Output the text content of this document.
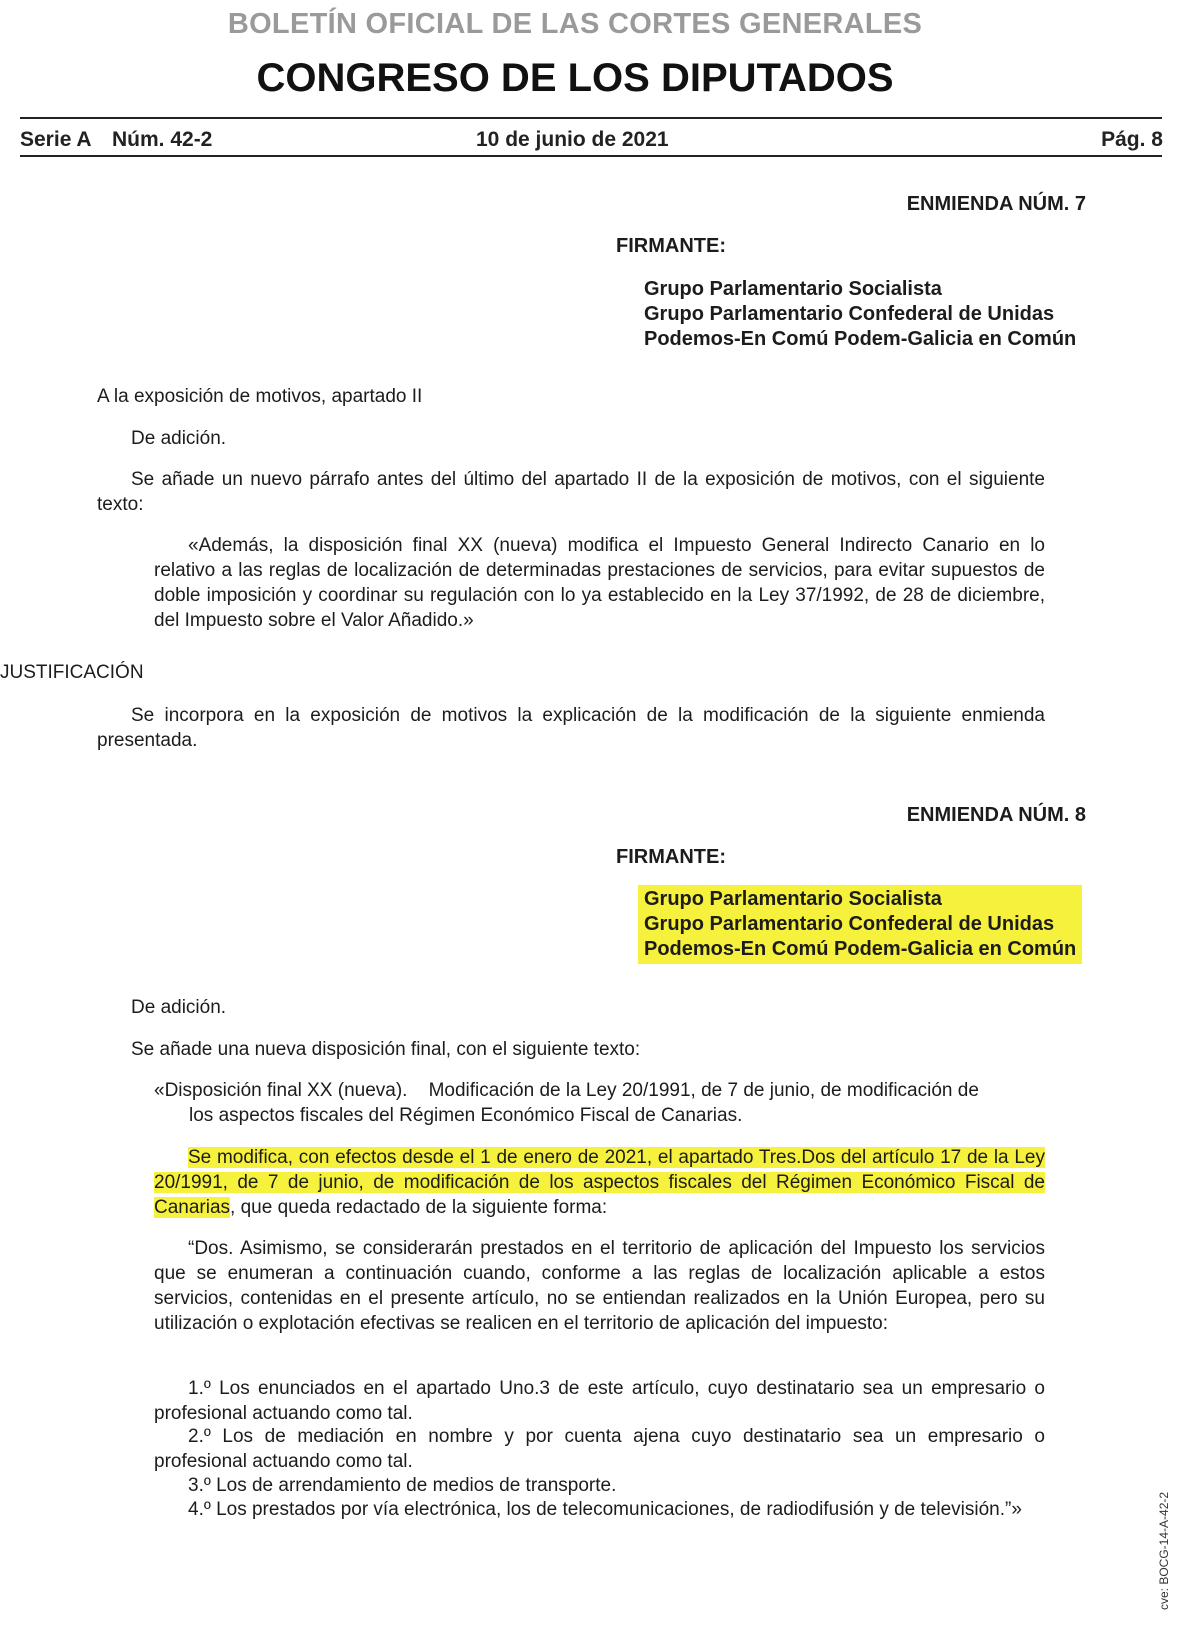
BOLETÍN OFICIAL DE LAS CORTES GENERALES
CONGRESO DE LOS DIPUTADOS
Serie A Núm. 42-2	10 de junio de 2021	Pág. 8
ENMIENDA NÚM. 7
FIRMANTE:
Grupo Parlamentario Socialista
Grupo Parlamentario Confederal de Unidas
Podemos-En Comú Podem-Galicia en Común
A la exposición de motivos, apartado II
De adición.
Se añade un nuevo párrafo antes del último del apartado II de la exposición de motivos, con el siguiente texto:
«Además, la disposición final XX (nueva) modifica el Impuesto General Indirecto Canario en lo relativo a las reglas de localización de determinadas prestaciones de servicios, para evitar supuestos de doble imposición y coordinar su regulación con lo ya establecido en la Ley 37/1992, de 28 de diciembre, del Impuesto sobre el Valor Añadido.»
JUSTIFICACIÓN
Se incorpora en la exposición de motivos la explicación de la modificación de la siguiente enmienda presentada.
ENMIENDA NÚM. 8
FIRMANTE:
Grupo Parlamentario Socialista
Grupo Parlamentario Confederal de Unidas
Podemos-En Comú Podem-Galicia en Común
De adición.
Se añade una nueva disposición final, con el siguiente texto:
«Disposición final XX (nueva).    Modificación de la Ley 20/1991, de 7 de junio, de modificación de
los aspectos fiscales del Régimen Económico Fiscal de Canarias.
Se modifica, con efectos desde el 1 de enero de 2021, el apartado Tres.Dos del artículo 17 de la Ley 20/1991, de 7 de junio, de modificación de los aspectos fiscales del Régimen Económico Fiscal de Canarias, que queda redactado de la siguiente forma:
“Dos. Asimismo, se considerarán prestados en el territorio de aplicación del Impuesto los servicios que se enumeran a continuación cuando, conforme a las reglas de localización aplicable a estos servicios, contenidas en el presente artículo, no se entiendan realizados en la Unión Europea, pero su utilización o explotación efectivas se realicen en el territorio de aplicación del impuesto:
1.º Los enunciados en el apartado Uno.3 de este artículo, cuyo destinatario sea un empresario o profesional actuando como tal.
2.º Los de mediación en nombre y por cuenta ajena cuyo destinatario sea un empresario o profesional actuando como tal.
3.º Los de arrendamiento de medios de transporte.
4.º Los prestados por vía electrónica, los de telecomunicaciones, de radiodifusión y de televisión.”»	cve: BOCG-14-A-42-2
